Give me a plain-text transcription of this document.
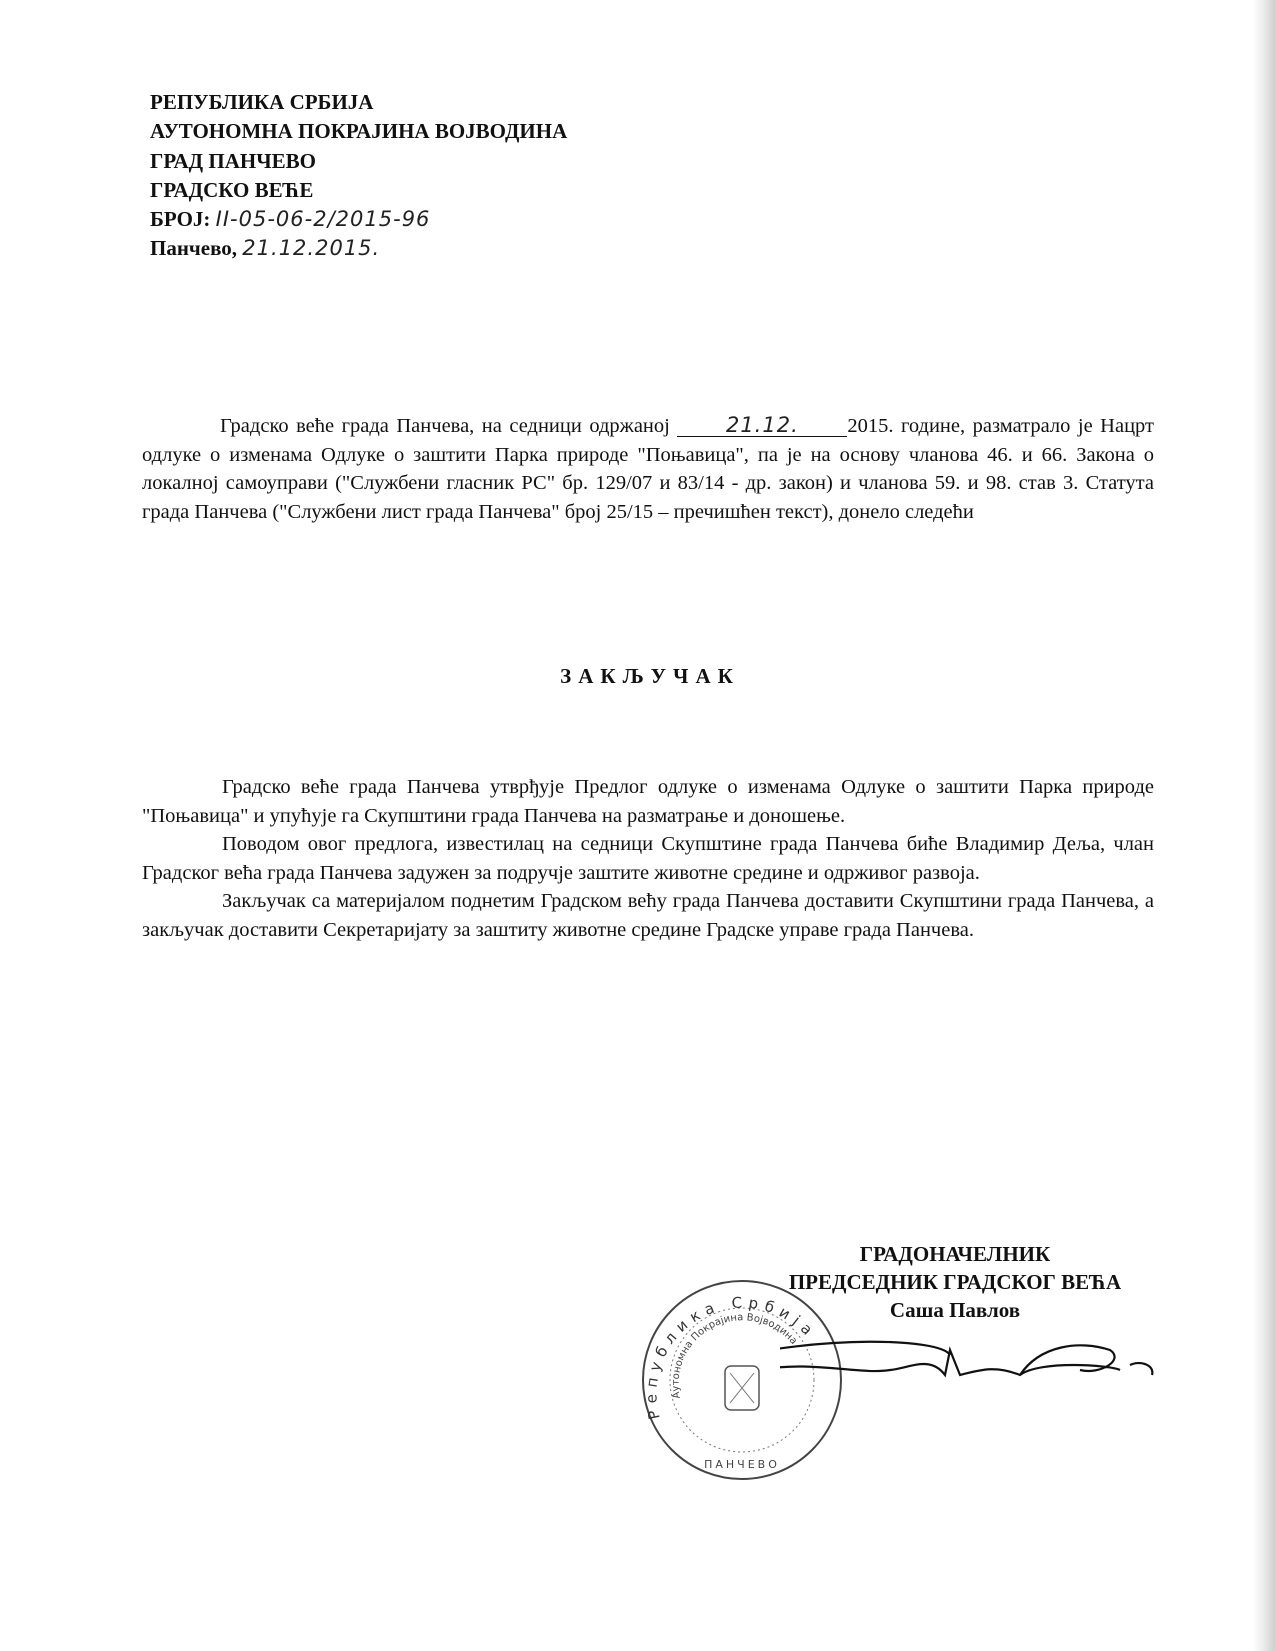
РЕПУБЛИКА СРБИЈА
АУТОНОМНА ПОКРАЈИНА ВОЈВОДИНА
ГРАД ПАНЧЕВО
ГРАДСКО ВЕЋЕ
БРОЈ: II-05-06-2/2015-96
Панчево, 21.12.2015.

Градско веће града Панчева, на седници одржаној	21.12. 2015. године, разматрало је Нацрт одлуке о изменама Одлуке о заштити Парка природе "Поњавица", па је на основу чланова 46. и 66. Закона о локалној самоуправи ("Службени гласник РС" бр. 129/07 и 83/14 - др. закон) и чланова 59. и 98. став 3. Статута града Панчева ("Службени лист града Панчева" број 25/15 – пречишћен текст), донело следећи

ЗАКЉУЧАК

Градско веће града Панчева утврђује Предлог одлуке о изменама Одлуке о заштити Парка природе "Поњавица" и упућује га Скупштини града Панчева на разматрање и доношење.

Поводом овог предлога, известилац на седници Скупштине града Панчева биће Владимир Деља, члан Градског већа града Панчева задужен за подручје заштите животне средине и одрживог развоја.

Закључак са материјалом поднетим Градском већу града Панчева доставити Скупштини града Панчева, а закључак доставити Секретаријату за заштиту животне средине Градске управе града Панчева.

ГРАДОНАЧЕЛНИК
ПРЕДСЕДНИК ГРАДСКОГ ВЕЋА
Саша Павлов
Република Србија
Аутономна Покрајина Војводина
ПАНЧЕВО
